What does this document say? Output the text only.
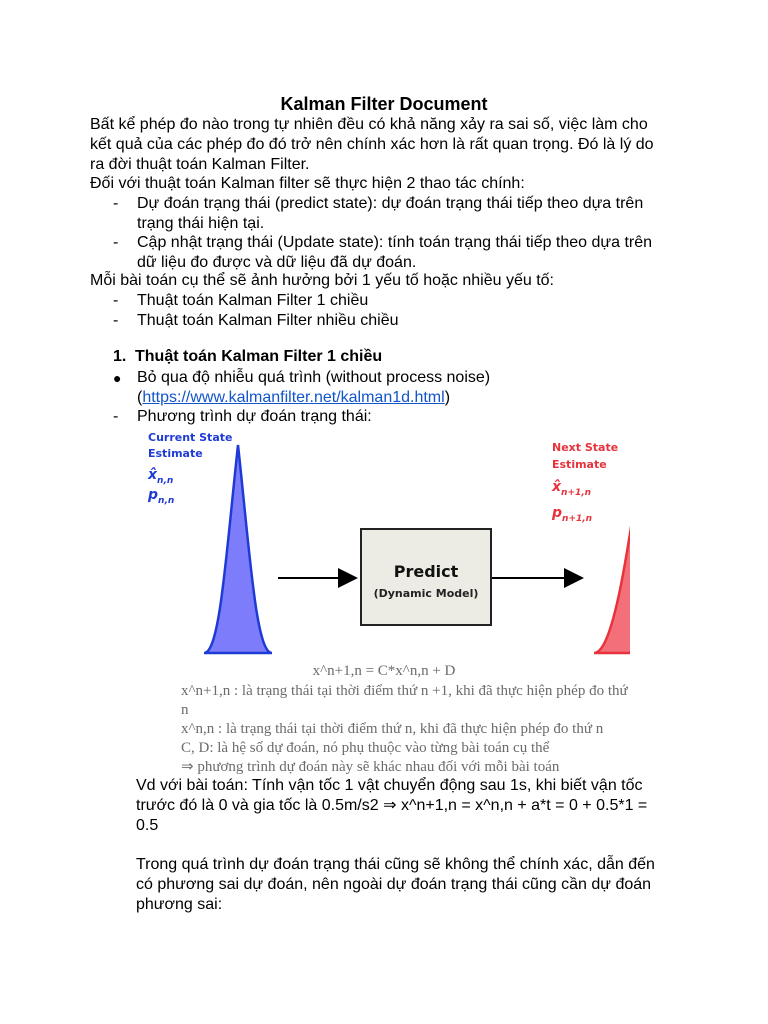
Kalman Filter Document
Bất kể phép đo nào trong tự nhiên đều có khả năng xảy ra sai số, việc làm cho
kết quả của các phép đo đó trở nên chính xác hơn là rất quan trọng. Đó là lý do
ra đời thuật toán Kalman Filter.
Đối với thuật toán Kalman filter sẽ thực hiện 2 thao tác chính:
- Dự đoán trạng thái (predict state): dự đoán trạng thái tiếp theo dựa trên
trạng thái hiện tại.
- Cập nhật trạng thái (Update state): tính toán trạng thái tiếp theo dựa trên
dữ liệu đo được và dữ liệu đã dự đoán.
Mỗi bài toán cụ thể sẽ ảnh hưởng bởi 1 yếu tố hoặc nhiều yếu tố:
- Thuật toán Kalman Filter 1 chiều
- Thuật toán Kalman Filter nhiều chiều
1. Thuật toán Kalman Filter 1 chiều
● Bỏ qua độ nhiễu quá trình (without process noise)
(https://www.kalmanfilter.net/kalman1d.html)
- Phương trình dự đoán trạng thái:
Predict
(Dynamic Model)
Current State
Estimate
$x̂_{n,n}$
$p_{n,n}$
Next State
Estimate
$x̂_{n+1,n}$
$p_{n+1,n}$
x^n+1,n = C*x^n,n + D
x^n+1,n : là trạng thái tại thời điểm thứ n +1, khi đã thực hiện phép đo thứ
n
x^n,n : là trạng thái tại thời điểm thứ n, khi đã thực hiện phép đo thứ n
C, D: là hệ số dự đoán, nó phụ thuộc vào từng bài toán cụ thể
⇒ phương trình dự đoán này sẽ khác nhau đối với mỗi bài toán
Vd với bài toán: Tính vận tốc 1 vật chuyển động sau 1s, khi biết vận tốc
trước đó là 0 và gia tốc là 0.5m/s2 ⇒ x^n+1,n = x^n,n + a*t = 0 + 0.5*1 =
0.5
Trong quá trình dự đoán trạng thái cũng sẽ không thể chính xác, dẫn đến
có phương sai dự đoán, nên ngoài dự đoán trạng thái cũng cần dự đoán
phương sai:
